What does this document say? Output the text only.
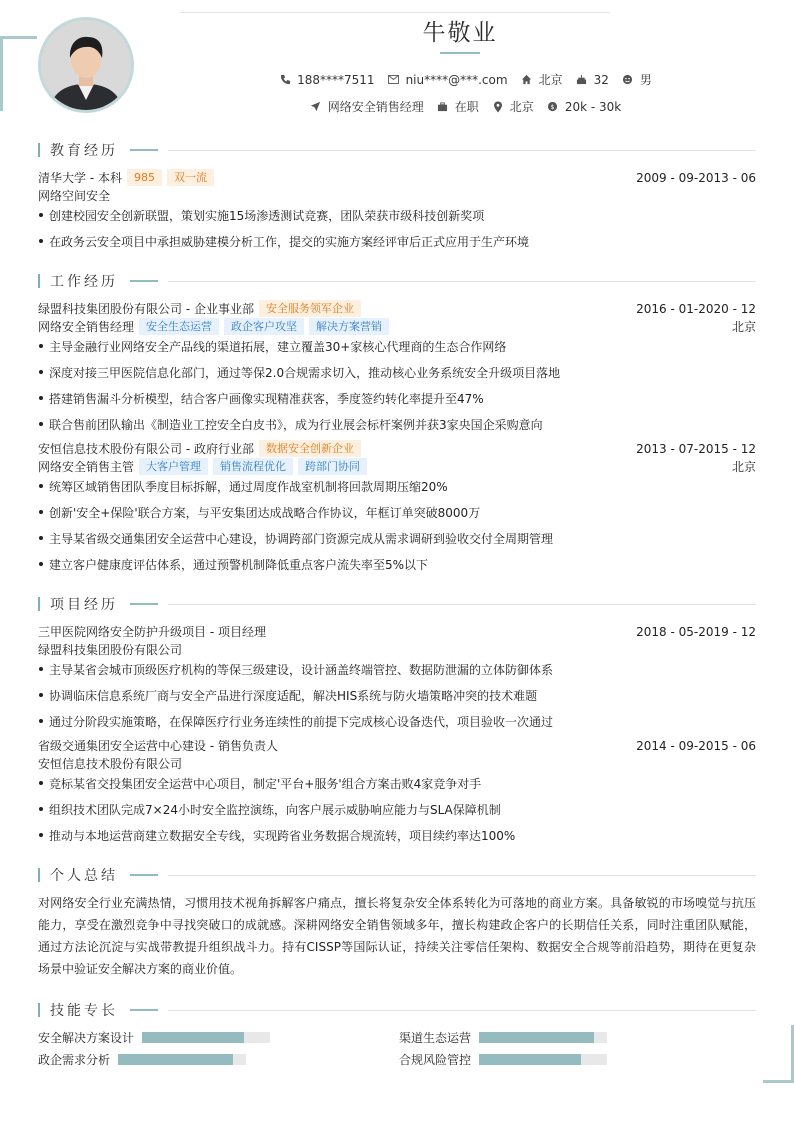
牛敬业
188****7511	niu****@***.com	北京	32	男
网络安全销售经理	在职	北京 $ 20k - 30k
教育经历
清华大学 - 本科	985	双一流	2009 - 09-2013 - 06
网络空间安全
创建校园安全创新联盟，策划实施15场渗透测试竞赛，团队荣获市级科技创新奖项
在政务云安全项目中承担威胁建模分析工作，提交的实施方案经评审后正式应用于生产环境
工作经历
绿盟科技集团股份有限公司 - 企业事业部	安全服务领军企业	2016 - 01-2020 - 12
网络安全销售经理	安全生态运营	政企客户攻坚	解决方案营销	北京
主导金融行业网络安全产品线的渠道拓展，建立覆盖30+家核心代理商的生态合作网络
深度对接三甲医院信息化部门，通过等保2.0合规需求切入，推动核心业务系统安全升级项目落地
搭建销售漏斗分析模型，结合客户画像实现精准获客，季度签约转化率提升至47%
联合售前团队输出《制造业工控安全白皮书》，成为行业展会标杆案例并获3家央国企采购意向
安恒信息技术股份有限公司 - 政府行业部	数据安全创新企业	2013 - 07-2015 - 12
网络安全销售主管	大客户管理	销售流程优化	跨部门协同	北京
统筹区域销售团队季度目标拆解，通过周度作战室机制将回款周期压缩20%
创新'安全+保险'联合方案，与平安集团达成战略合作协议，年框订单突破8000万
主导某省级交通集团安全运营中心建设，协调跨部门资源完成从需求调研到验收交付全周期管理
建立客户健康度评估体系，通过预警机制降低重点客户流失率至5%以下
项目经历
三甲医院网络安全防护升级项目 - 项目经理	2018 - 05-2019 - 12
绿盟科技集团股份有限公司
主导某省会城市顶级医疗机构的等保三级建设，设计涵盖终端管控、数据防泄漏的立体防御体系
协调临床信息系统厂商与安全产品进行深度适配，解决HIS系统与防火墙策略冲突的技术难题
通过分阶段实施策略，在保障医疗行业务连续性的前提下完成核心设备迭代，项目验收一次通过
省级交通集团安全运营中心建设 - 销售负责人	2014 - 09-2015 - 06
安恒信息技术股份有限公司
竞标某省交投集团安全运营中心项目，制定'平台+服务'组合方案击败4家竞争对手
组织技术团队完成7×24小时安全监控演练，向客户展示威胁响应能力与SLA保障机制
推动与本地运营商建立数据安全专线，实现跨省业务数据合规流转，项目续约率达100%
个人总结
对网络安全行业充满热情，习惯用技术视角拆解客户痛点，擅长将复杂安全体系转化为可落地的商业方案。具备敏锐的市场嗅觉与抗压能力，享受在激烈竞争中寻找突破口的成就感。深耕网络安全销售领域多年，擅长构建政企客户的长期信任关系，同时注重团队赋能，通过方法论沉淀与实战带教提升组织战斗力。持有CISSP等国际认证，持续关注零信任架构、数据安全合规等前沿趋势，期待在更复杂场景中验证安全解决方案的商业价值。
技能专长
安全解决方案设计	渠道生态运营
政企需求分析	合规风险管控
